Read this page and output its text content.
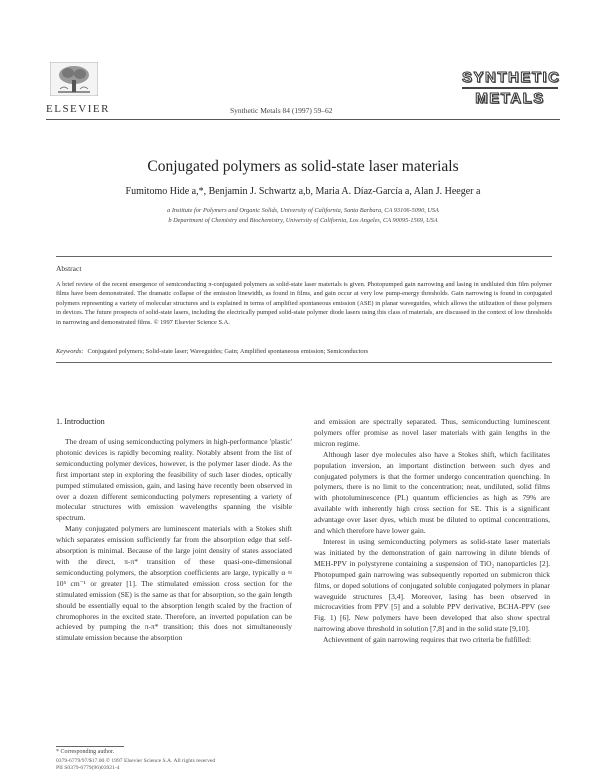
ELSEVIER	Synthetic Metals 84 (1997) 59–62
SYNTHETIC
METALS
Conjugated polymers as solid-state laser materials
Fumitomo Hide a,*, Benjamin J. Schwartz a,b, Maria A. Díaz-García a, Alan J. Heeger a
a Institute for Polymers and Organic Solids, University of California, Santa Barbara, CA 93106-5090, USA
b Department of Chemistry and Biochemistry, University of California, Los Angeles, CA 90095-1569, USA
Abstract
A brief review of the recent emergence of semiconducting π-conjugated polymers as solid-state laser materials is given. Photopumped gain narrowing and lasing in undiluted thin film polymer films have been demonstrated. The dramatic collapse of the emission linewidth, as found in films, and gain occur at very low pump-energy thresholds. Gain narrowing is found in conjugated polymers representing a variety of molecular structures and is explained in terms of amplified spontaneous emission (ASE) in planar waveguides, which allows the utilization of these polymers in devices. The future prospects of solid-state lasers, including the electrically pumped solid-state polymer diode lasers using this class of materials, are discussed in the context of low thresholds in narrowing and demonstrated films. © 1997 Elsevier Science S.A.
Keywords: Conjugated polymers; Solid-state laser; Waveguides; Gain; Amplified spontaneous emission; Semiconductors
1. Introduction

The dream of using semiconducting polymers in high-performance 'plastic' photonic devices is rapidly becoming reality. Notably absent from the list of semiconducting polymer devices, however, is the polymer laser diode. As the first important step in exploring the feasibility of such laser diodes, optically pumped stimulated emission, gain, and lasing have recently been observed in over a dozen different semiconducting polymers representing a variety of molecular structures with emission wavelengths spanning the visible spectrum.

Many conjugated polymers are luminescent materials with a Stokes shift which separates emission sufficiently far from the absorption edge that self-absorption is minimal. Because of the large joint density of states associated with the direct, π-π* transition of these quasi-one-dimensional semiconducting polymers, the absorption coefficients are large, typically α ≈ 10⁵ cm⁻¹ or greater [1]. The stimulated emission cross section for the stimulated emission (SE) is the same as that for absorption, so the gain length should be essentially equal to the absorption length scaled by the fraction of chromophores in the excited state. Therefore, an inverted population can be achieved by pumping the π-π* transition; this does not simultaneously stimulate emission because the absorption

and emission are spectrally separated. Thus, semiconducting luminescent polymers offer promise as novel laser materials with gain lengths in the micron regime.

Although laser dye molecules also have a Stokes shift, which facilitates population inversion, an important distinction between such dyes and conjugated polymers is that the former undergo concentration quenching. In polymers, there is no limit to the concentration; neat, undiluted, solid films with photoluminescence (PL) quantum efficiencies as high as 79% are available with inherently high cross section for SE. This is a significant advantage over laser dyes, which must be diluted to optimal concentrations, and which therefore have lower gain.

Interest in using semiconducting polymers as solid-state laser materials was initiated by the demonstration of gain narrowing in dilute blends of MEH-PPV in polystyrene containing a suspension of TiO₂ nanoparticles [2]. Photopumped gain narrowing was subsequently reported on submicron thick films, or doped solutions of conjugated soluble conjugated polymers in planar waveguide structures [3,4]. Moreover, lasing has been observed in microcavities from PPV [5] and a soluble PPV derivative, BCHA-PPV (see Fig. 1) [6]. New polymers have been developed that also show spectral narrowing above threshold in solution [7,8] and in the solid state [9,10].

Achievement of gain narrowing requires that two criteria be fulfilled:

* Corresponding author.
0379-6779/97/$17.00 © 1997 Elsevier Science S.A. All rights reserved
PII S0379-6779(96)03921-4
